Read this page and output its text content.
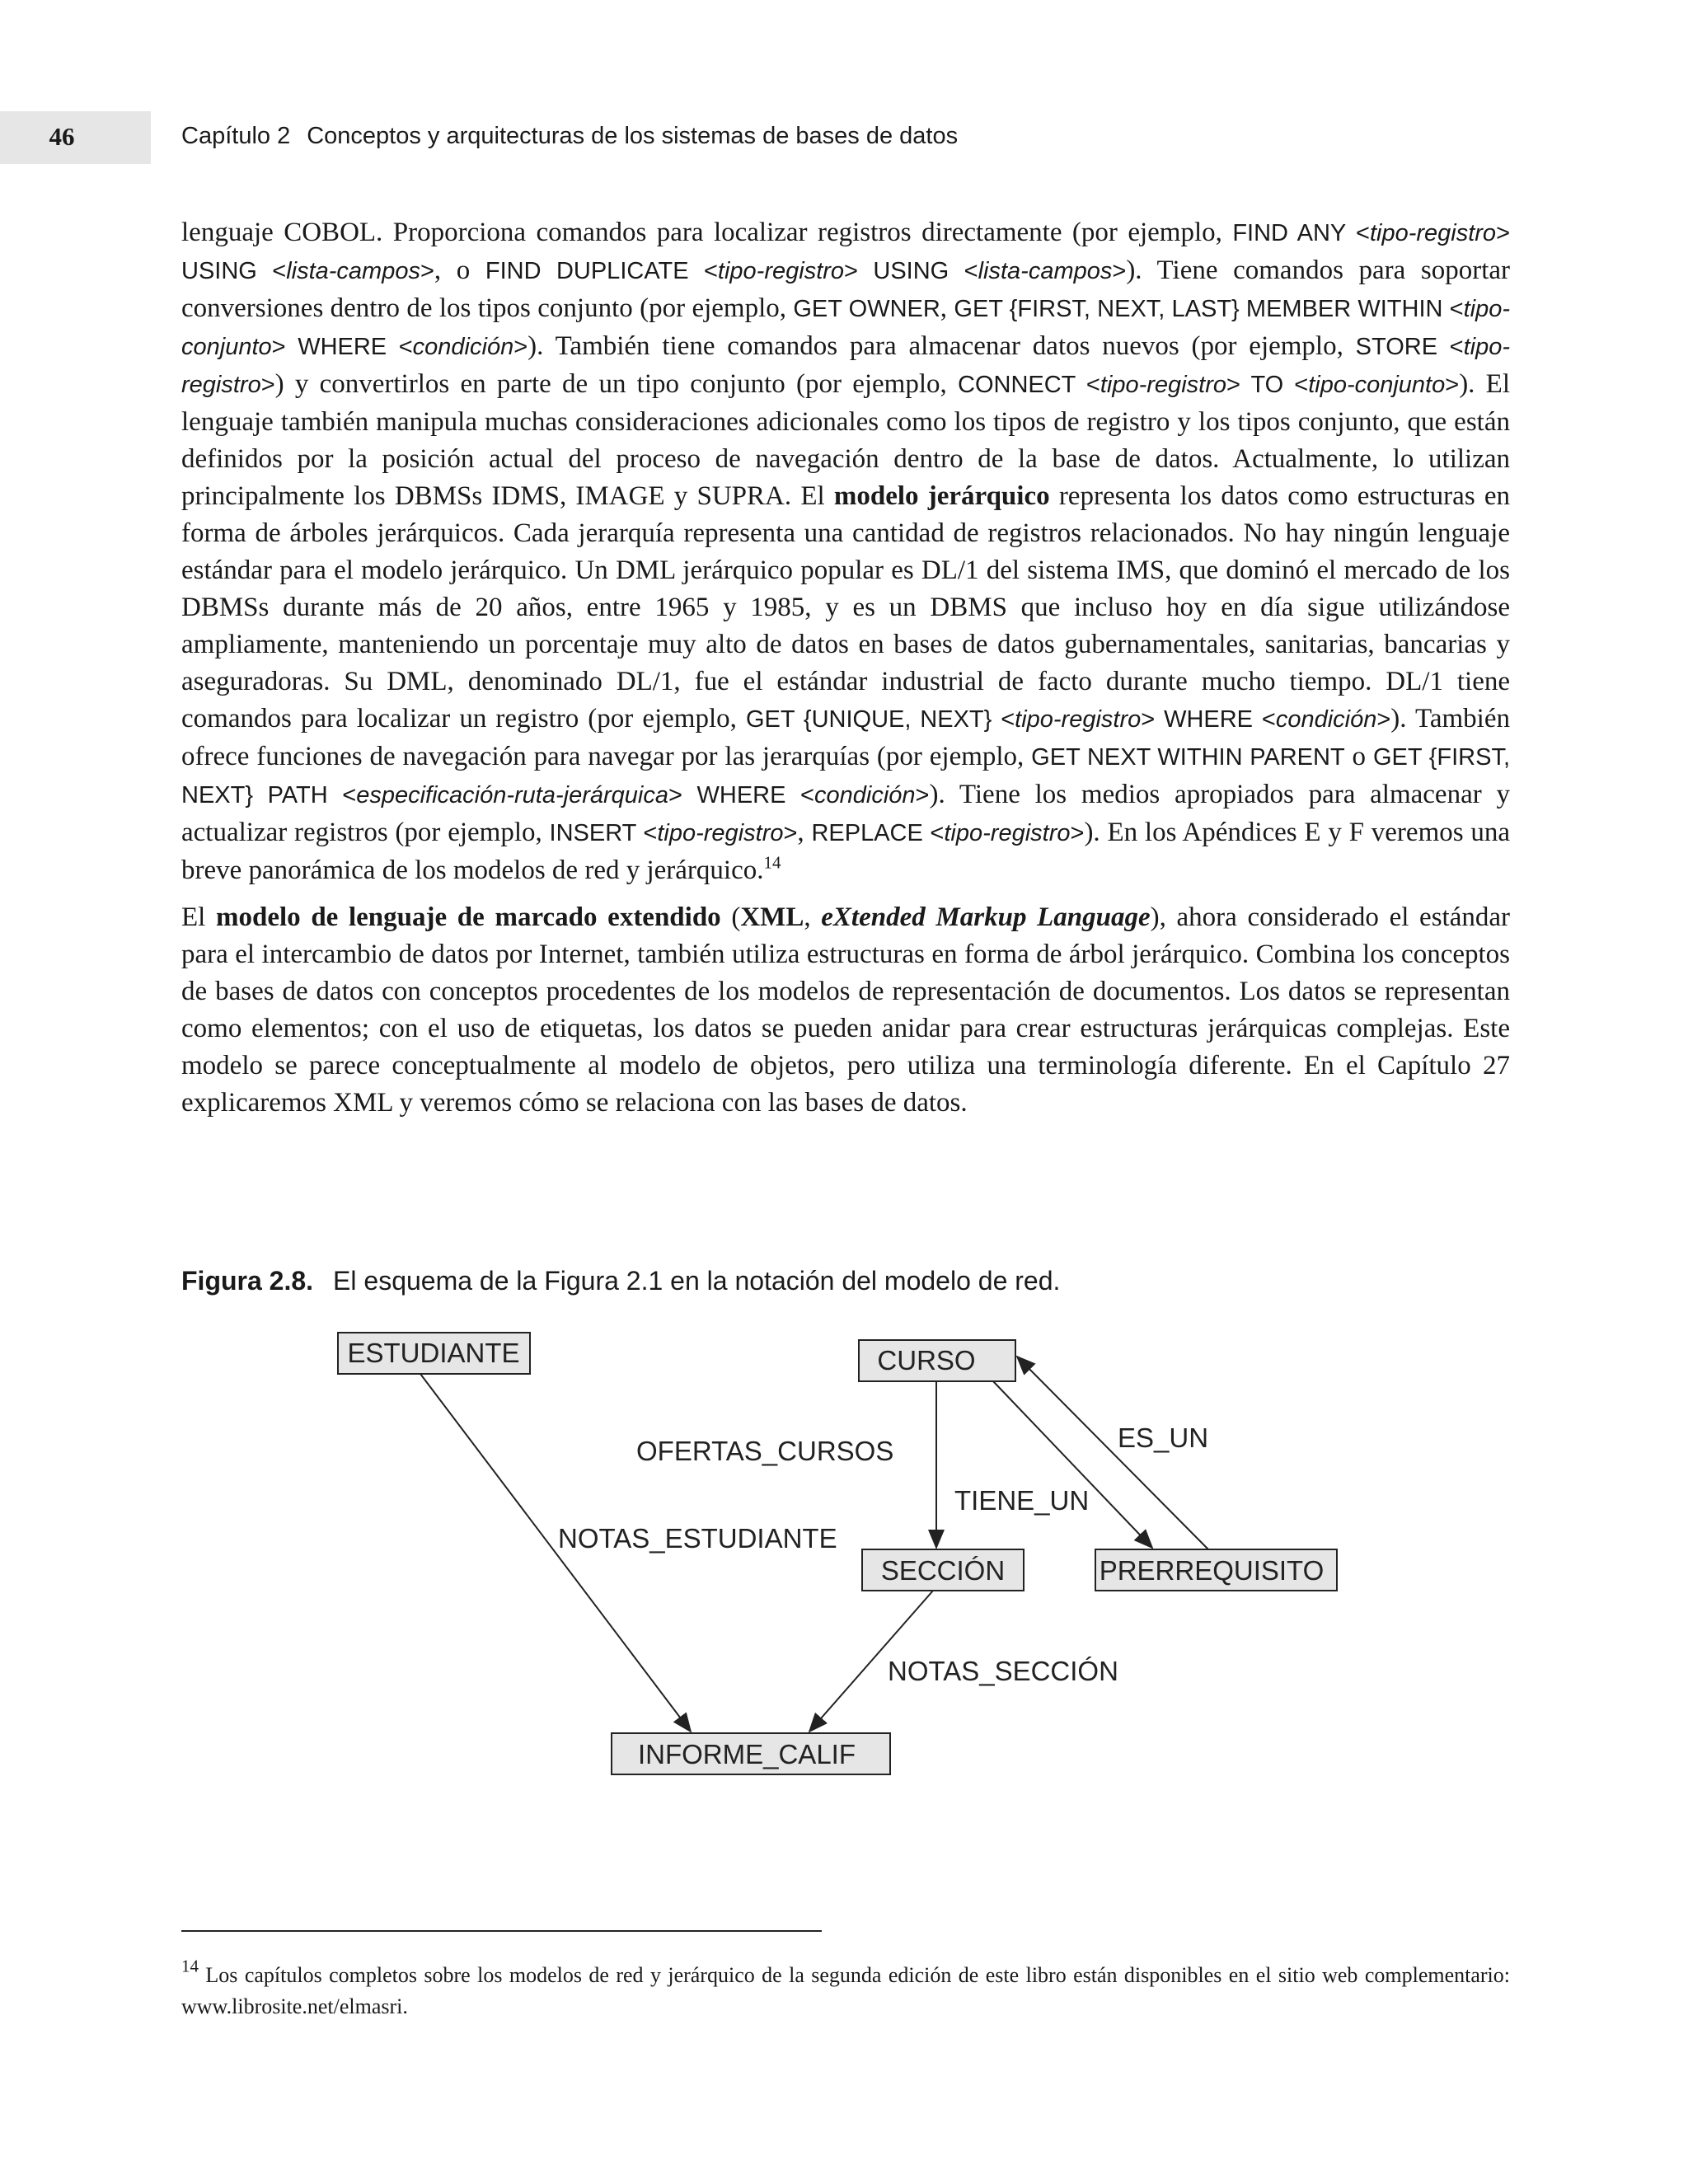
46	Capítulo 2 Conceptos y arquitecturas de los sistemas de bases de datos

lenguaje COBOL. Proporciona comandos para localizar registros directamente (por ejemplo, FIND ANY <tipo-registro> USING <lista-campos>, o FIND DUPLICATE <tipo-registro> USING <lista-campos>). Tiene comandos para soportar conversiones dentro de los tipos conjunto (por ejemplo, GET OWNER, GET {FIRST, NEXT, LAST} MEMBER WITHIN <tipo-conjunto> WHERE <condición>). También tiene comandos para almacenar datos nuevos (por ejemplo, STORE <tipo-registro>) y convertirlos en parte de un tipo conjunto (por ejemplo, CONNECT <tipo-registro> TO <tipo-conjunto>). El lenguaje también manipula muchas consideraciones adicionales como los tipos de registro y los tipos conjunto, que están definidos por la posición actual del proceso de navegación dentro de la base de datos. Actualmente, lo utilizan principalmente los DBMSs IDMS, IMAGE y SUPRA. El modelo jerárquico representa los datos como estructuras en forma de árboles jerárquicos. Cada jerarquía representa una cantidad de registros relacionados. No hay ningún lenguaje estándar para el modelo jerárquico. Un DML jerárquico popular es DL/1 del sistema IMS, que dominó el mercado de los DBMSs durante más de 20 años, entre 1965 y 1985, y es un DBMS que incluso hoy en día sigue utilizándose ampliamente, manteniendo un porcentaje muy alto de datos en bases de datos gubernamentales, sanitarias, bancarias y aseguradoras. Su DML, denominado DL/1, fue el estándar industrial de facto durante mucho tiempo. DL/1 tiene comandos para localizar un registro (por ejemplo, GET {UNIQUE, NEXT} <tipo-registro> WHERE <condición>). También ofrece funciones de navegación para navegar por las jerarquías (por ejemplo, GET NEXT WITHIN PARENT o GET {FIRST, NEXT} PATH <especificación-ruta-jerárquica> WHERE <condición>). Tiene los medios apropiados para almacenar y actualizar registros (por ejemplo, INSERT <tipo-registro>, REPLACE <tipo-registro>). En los Apéndices E y F veremos una breve panorámica de los modelos de red y jerárquico.$^{14}$

El modelo de lenguaje de marcado extendido (XML, eXtended Markup Language), ahora considerado el estándar para el intercambio de datos por Internet, también utiliza estructuras en forma de árbol jerárquico. Combina los conceptos de bases de datos con conceptos procedentes de los modelos de representación de documentos. Los datos se representan como elementos; con el uso de etiquetas, los datos se pueden anidar para crear estructuras jerárquicas complejas. Este modelo se parece conceptualmente al modelo de objetos, pero utiliza una terminología diferente. En el Capítulo 27 explicaremos XML y veremos cómo se relaciona con las bases de datos.

Figura 2.8. El esquema de la Figura 2.1 en la notación del modelo de red.
ESTUDIANTE	CURSO
SECCIÓN	PRERREQUISITO
INFORME_CALIF
OFERTAS_CURSOS	ES_UN
TIENE_UN
NOTAS_ESTUDIANTE
NOTAS_SECCIÓN
$^{14}$ Los capítulos completos sobre los modelos de red y jerárquico de la segunda edición de este libro están disponibles en el sitio web complementario: www.librosite.net/elmasri.
